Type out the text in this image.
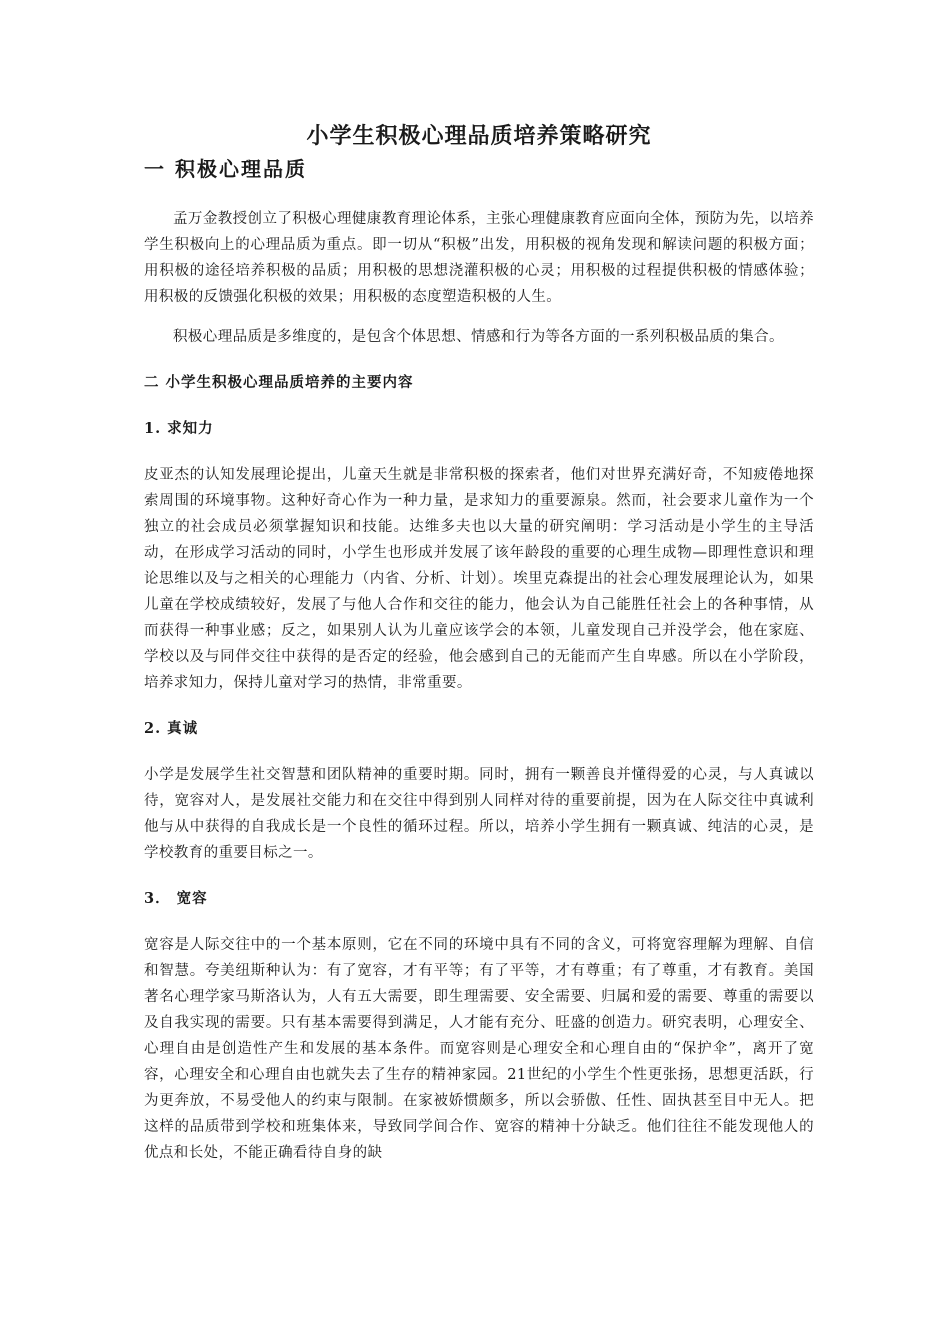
小学生积极心理品质培养策略研究
一 积极心理品质

孟万金教授创立了积极心理健康教育理论体系，主张心理健康教育应面向全体，预防为先，以培养学生积极向上的心理品质为重点。即一切从“积极”出发，用积极的视角发现和解读问题的积极方面；用积极的途径培养积极的品质；用积极的思想浇灌积极的心灵；用积极的过程提供积极的情感体验；用积极的反馈强化积极的效果；用积极的态度塑造积极的人生。

积极心理品质是多维度的，是包含个体思想、情感和行为等各方面的一系列积极品质的集合。

二 小学生积极心理品质培养的主要内容
1. 求知力

皮亚杰的认知发展理论提出，儿童天生就是非常积极的探索者，他们对世界充满好奇，不知疲倦地探索周围的环境事物。这种好奇心作为一种力量，是求知力的重要源泉。然而，社会要求儿童作为一个独立的社会成员必须掌握知识和技能。达维多夫也以大量的研究阐明：学习活动是小学生的主导活动，在形成学习活动的同时，小学生也形成并发展了该年龄段的重要的心理生成物—即理性意识和理论思维以及与之相关的心理能力（内省、分析、计划）。埃里克森提出的社会心理发展理论认为，如果儿童在学校成绩较好，发展了与他人合作和交往的能力，他会认为自己能胜任社会上的各种事情，从而获得一种事业感；反之，如果别人认为儿童应该学会的本领，儿童发现自己并没学会，他在家庭、学校以及与同伴交往中获得的是否定的经验，他会感到自己的无能而产生自卑感。所以在小学阶段，培养求知力，保持儿童对学习的热情，非常重要。

2. 真诚

小学是发展学生社交智慧和团队精神的重要时期。同时，拥有一颗善良并懂得爱的心灵，与人真诚以待，宽容对人，是发展社交能力和在交往中得到别人同样对待的重要前提，因为在人际交往中真诚利他与从中获得的自我成长是一个良性的循环过程。所以，培养小学生拥有一颗真诚、纯洁的心灵，是学校教育的重要目标之一。

3． 宽容

宽容是人际交往中的一个基本原则，它在不同的环境中具有不同的含义，可将宽容理解为理解、自信和智慧。夸美纽斯种认为：有了宽容，才有平等；有了平等，才有尊重；有了尊重，才有教育。美国著名心理学家马斯洛认为，人有五大需要，即生理需要、安全需要、归属和爱的需要、尊重的需要以及自我实现的需要。只有基本需要得到满足，人才能有充分、旺盛的创造力。研究表明，心理安全、心理自由是创造性产生和发展的基本条件。而宽容则是心理安全和心理自由的“保护伞”，离开了宽容，心理安全和心理自由也就失去了生存的精神家园。21世纪的小学生个性更张扬，思想更活跃，行为更奔放，不易受他人的约束与限制。在家被娇惯颇多，所以会骄傲、任性、固执甚至目中无人。把这样的品质带到学校和班集体来，导致同学间合作、宽容的精神十分缺乏。他们往往不能发现他人的优点和长处，不能正确看待自身的缺
